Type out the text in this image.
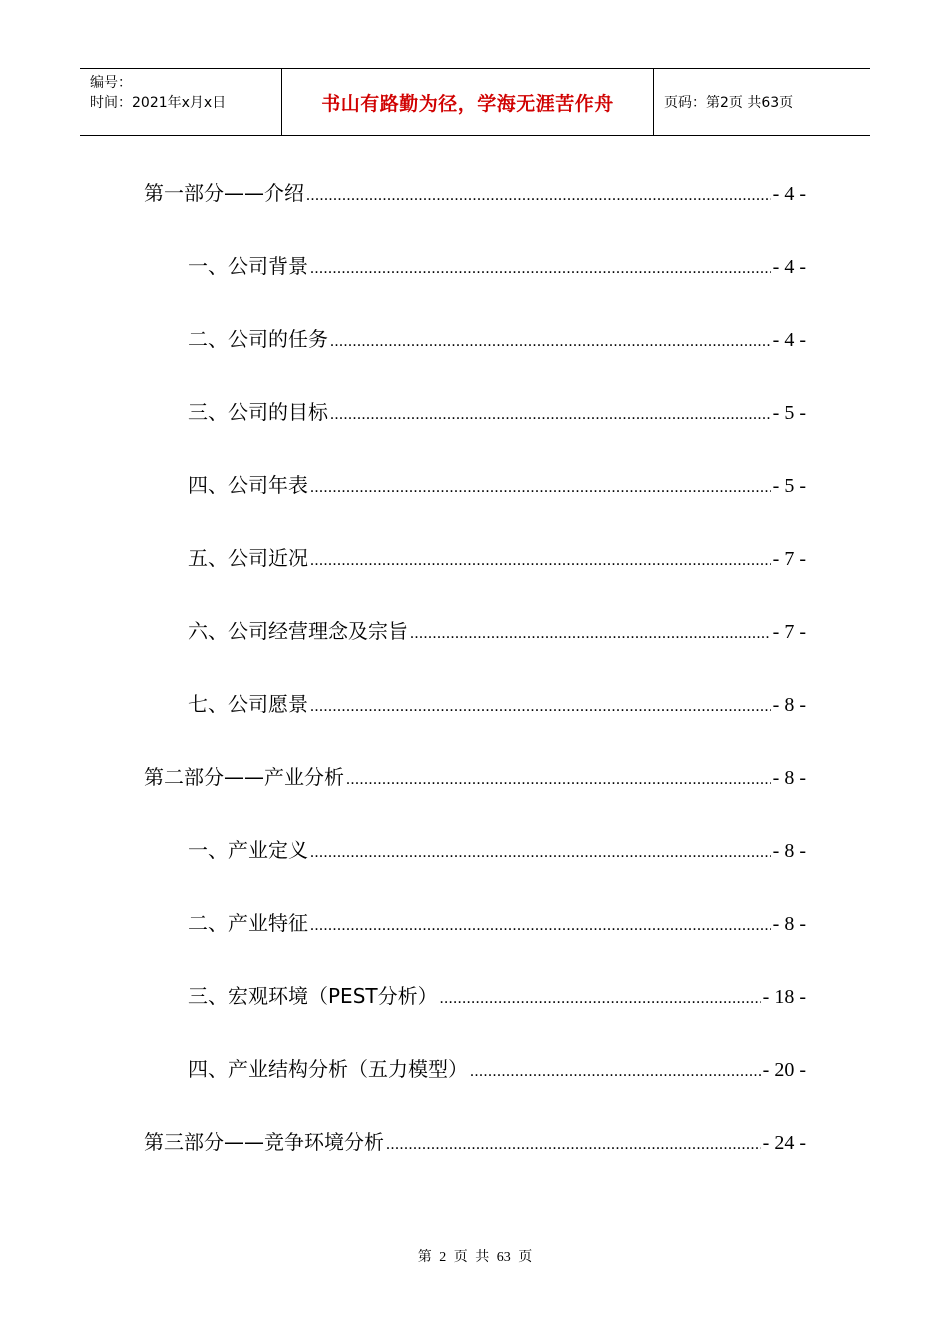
编号：
时间：2021年x月x日	书山有路勤为径，学海无涯苦作舟	页码：第2页 共63页
第一部分——介绍 .....	- 4 -
一、公司背景 .....	- 4 -
二、公司的任务 .....	- 4 -
三、公司的目标 .....	- 5 -
四、公司年表 .....	- 5 -
五、公司近况 .....	- 7 -
六、公司经营理念及宗旨 .....	- 7 -
七、公司愿景 .....	- 8 -
第二部分——产业分析 .....	- 8 -
一、产业定义 .....	- 8 -
二、产业特征 .....	- 8 -
三、宏观环境（PEST分析） .....	- 18 -
四、产业结构分析（五力模型） .....	- 20 -
第三部分——竞争环境分析 .....	- 24 -
第 2 页 共 63 页
